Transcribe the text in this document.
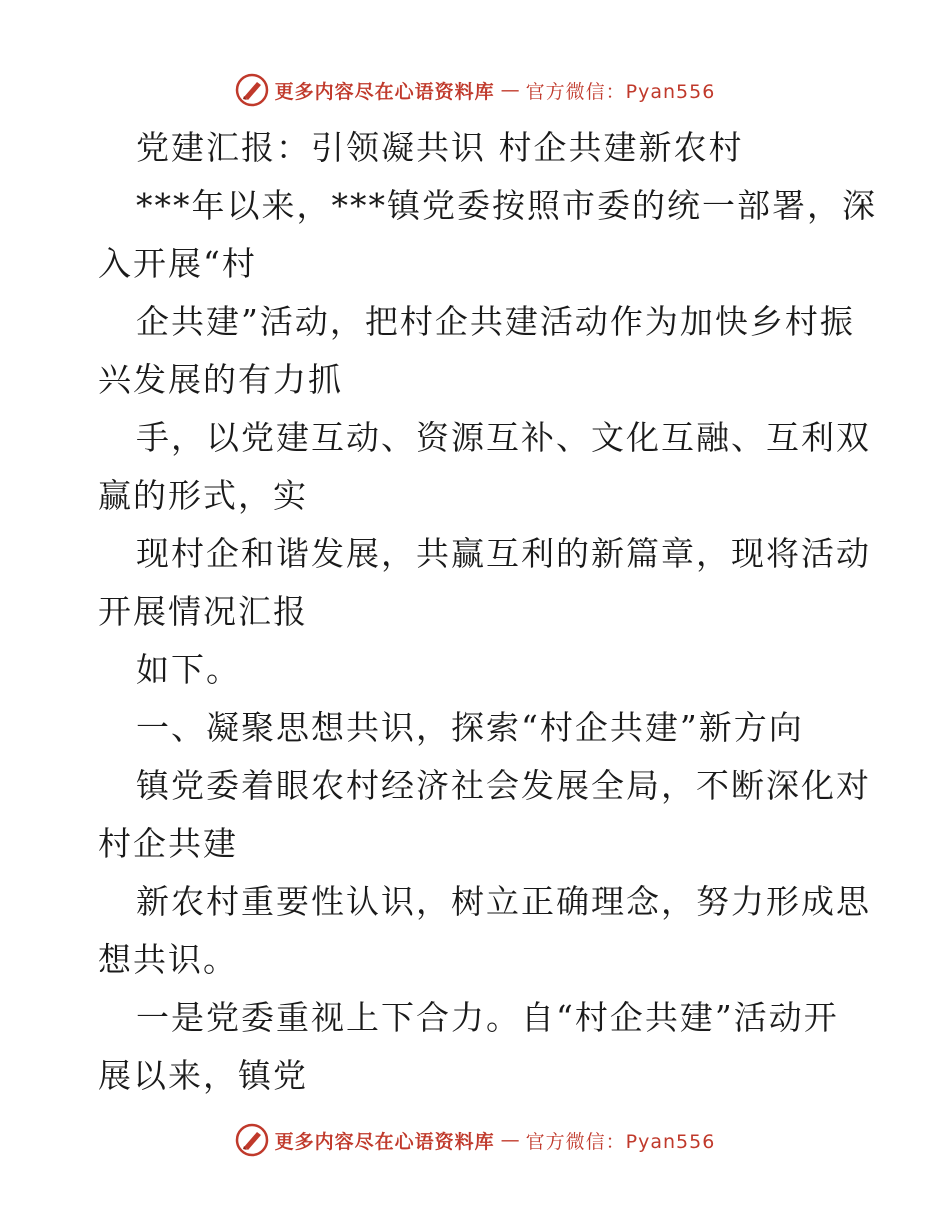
更多内容尽在心语资料库 — 官方微信：Pyan556
党建汇报：引领凝共识 村企共建新农村
***年以来，***镇党委按照市委的统一部署，深
入开展“村
企共建”活动，把村企共建活动作为加快乡村振
兴发展的有力抓
手，以党建互动、资源互补、文化互融、互利双
赢的形式，实
现村企和谐发展，共赢互利的新篇章，现将活动
开展情况汇报
如下。
一、凝聚思想共识，探索“村企共建”新方向
镇党委着眼农村经济社会发展全局，不断深化对
村企共建
新农村重要性认识，树立正确理念，努力形成思
想共识。
一是党委重视上下合力。自“村企共建”活动开
展以来，镇党
更多内容尽在心语资料库 — 官方微信：Pyan556
